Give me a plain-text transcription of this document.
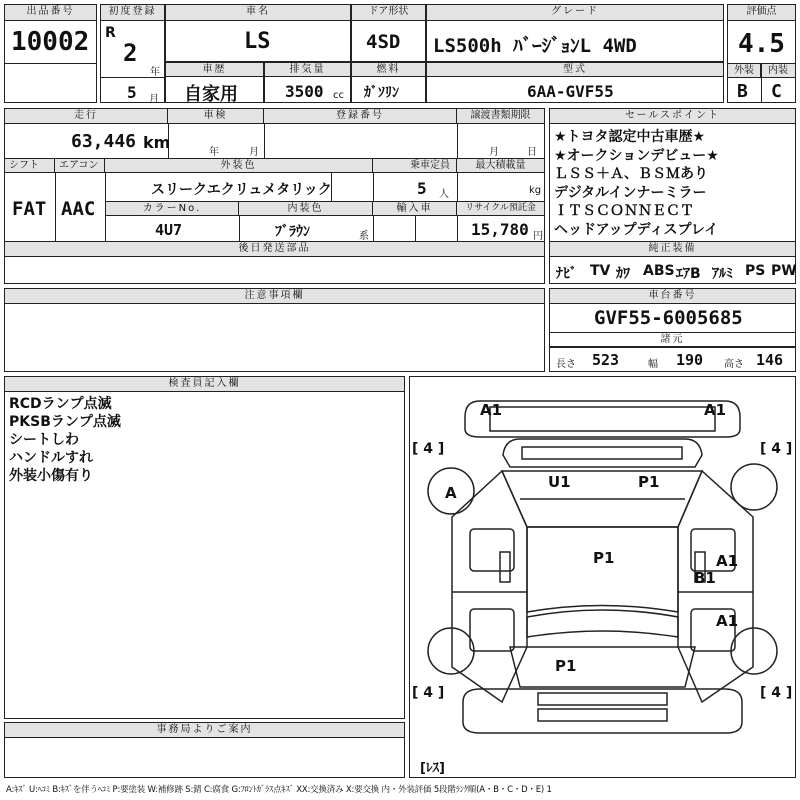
出品番号
10002
初度登録
R
2
年
5 月
車名
LS
ドア形状
4SD
グレード
LS500h ﾊﾞｰｼﾞｮﾝL 4WD
評価点
4.5
外装	内装
B C
車歴
自家用
排気量
3500 cc
燃料
ｶﾞｿﾘﾝ
型式
6AA-GVF55
走行	車検	登録番号	譲渡書類期限
63,446 km
年	月	月	日
シフト	エアコン	外装色	乗車定員	最大積載量
FAT AAC
スリークエクリュメタリック	5 人	kg
カラーNo.	内装色	輸入車	リサイクル預託金
4U7	ﾌﾞﾗｳﾝ	系	15,780 円
後日発送部品
セールスポイント
★トヨタ認定中古車歴★
★オークションデビュー★
ＬＳＳ＋Ａ、ＢＳＭあり
デジタルインナーミラー
ＩＴＳＣＯＮＮＥＣＴ
ヘッドアップディスプレイ
純正装備
ﾅﾋﾞ TV ｶﾜ ABS ｴｱB ｱﾙﾐ PS PW
注意事項欄	車台番号
GVF55-6005685
諸元
長さ 523	幅 190 高さ 146
検査員記入欄
RCDランプ点滅
PKSBランプ点滅
シートしわ
ハンドルすれ
外装小傷有り
事務局よりご案内
A1	A1
U1	P1
A
P1	A1
B1
A1
P1
[ 4 ]	[ 4 ]
[ 4 ]	[ 4 ]
[ﾚｽ]
A:ｷｽﾞ U:ﾍｺﾐ B:ｷｽﾞを伴うﾍｺﾐ P:要塗装 W:補修跡 S:錆 C:腐食 G:ﾌﾛﾝﾄｶﾞﾗｽ点ｷｽﾞ XX:交換済み X:要交換 内・外装評価 5段階ﾗﾝｸ順(A・B・C・D・E) 1
